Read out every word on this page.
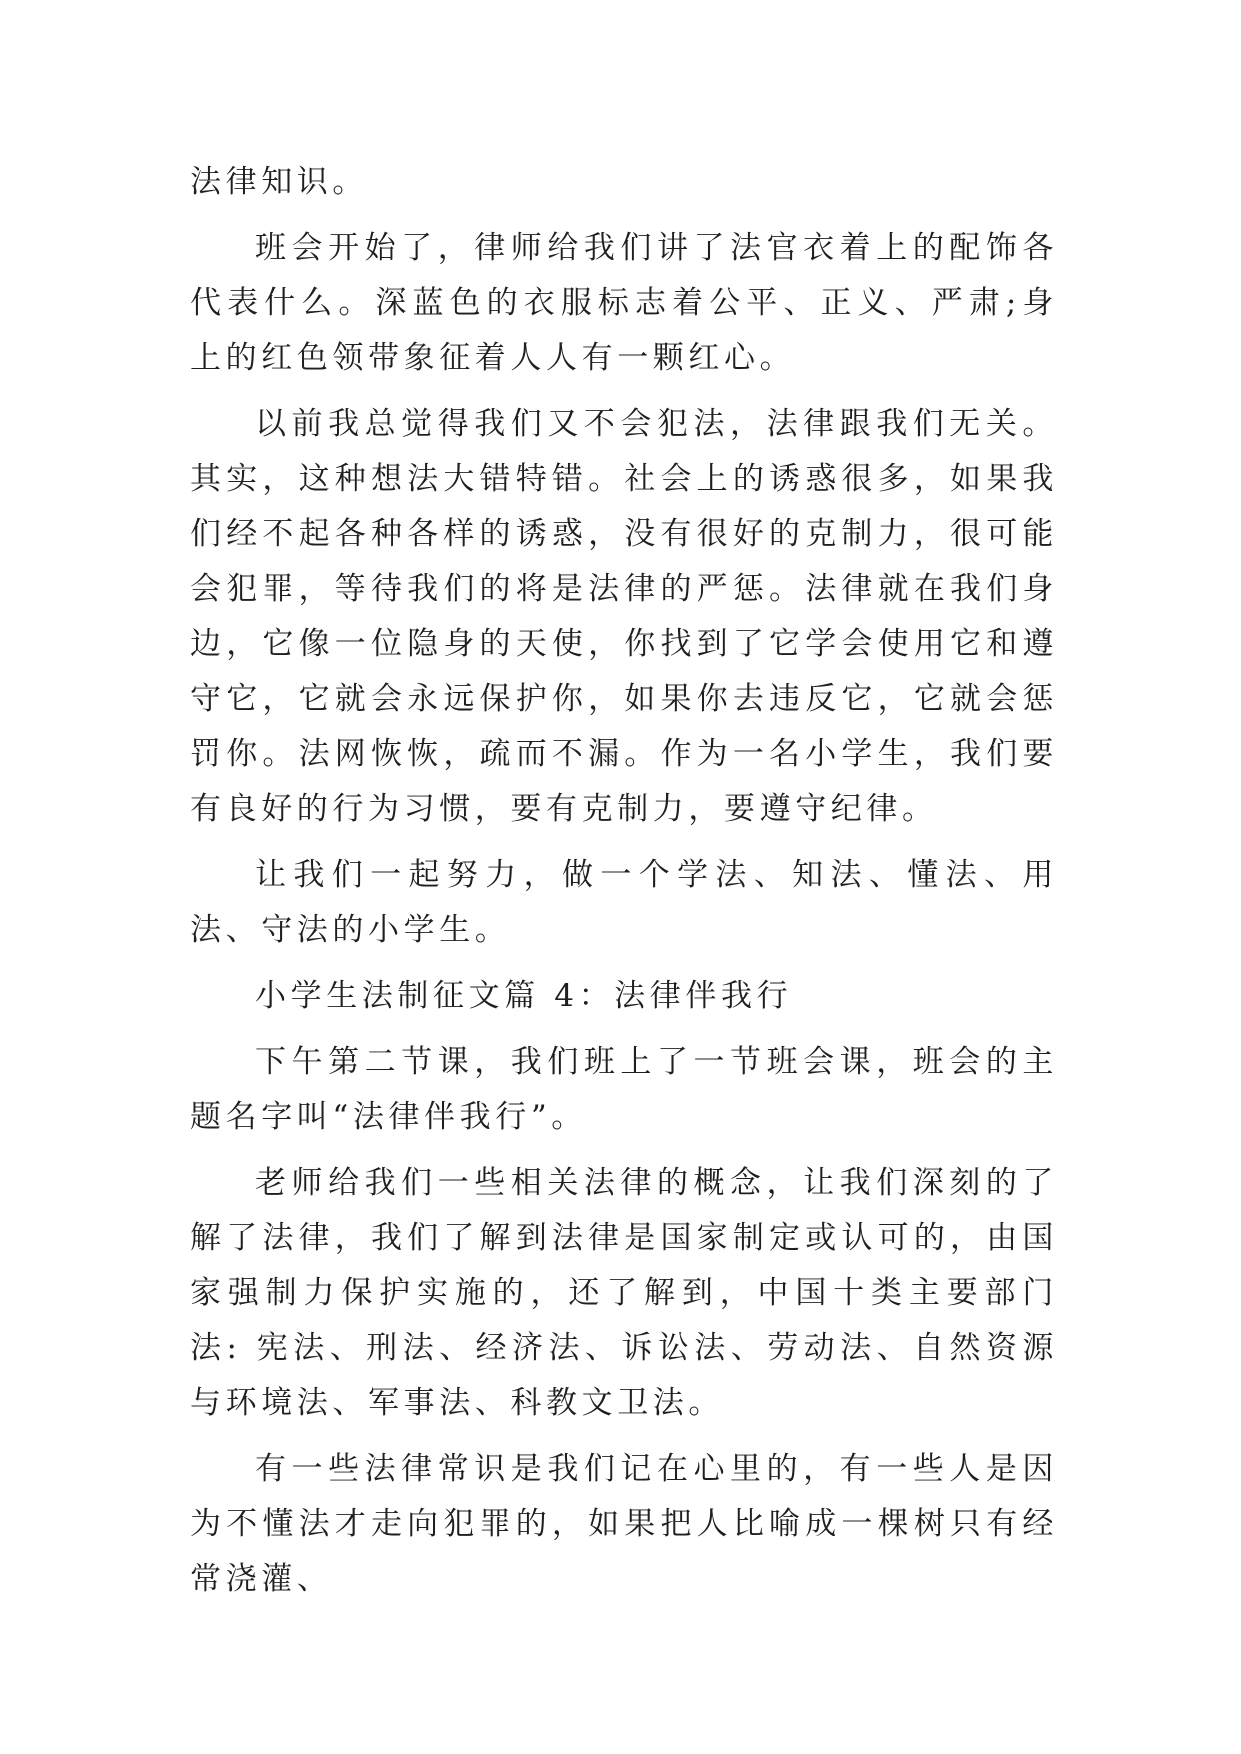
法律知识。

班会开始了，律师给我们讲了法官衣着上的配饰各代表什么。深蓝色的衣服标志着公平、正义、严肃;身上的红色领带象征着人人有一颗红心。

以前我总觉得我们又不会犯法，法律跟我们无关。其实，这种想法大错特错。社会上的诱惑很多，如果我们经不起各种各样的诱惑，没有很好的克制力，很可能会犯罪，等待我们的将是法律的严惩。法律就在我们身边，它像一位隐身的天使，你找到了它学会使用它和遵守它，它就会永远保护你，如果你去违反它，它就会惩罚你。法网恢恢，疏而不漏。作为一名小学生，我们要有良好的行为习惯，要有克制力，要遵守纪律。

让我们一起努力，做一个学法、知法、懂法、用法、守法的小学生。

小学生法制征文篇 4：法律伴我行

下午第二节课，我们班上了一节班会课，班会的主题名字叫“法律伴我行”。

老师给我们一些相关法律的概念，让我们深刻的了解了法律，我们了解到法律是国家制定或认可的，由国家强制力保护实施的，还了解到，中国十类主要部门法: 宪法、刑法、经济法、诉讼法、劳动法、自然资源与环境法、军事法、科教文卫法。

有一些法律常识是我们记在心里的，有一些人是因为不懂法才走向犯罪的，如果把人比喻成一棵树只有经常浇灌、
